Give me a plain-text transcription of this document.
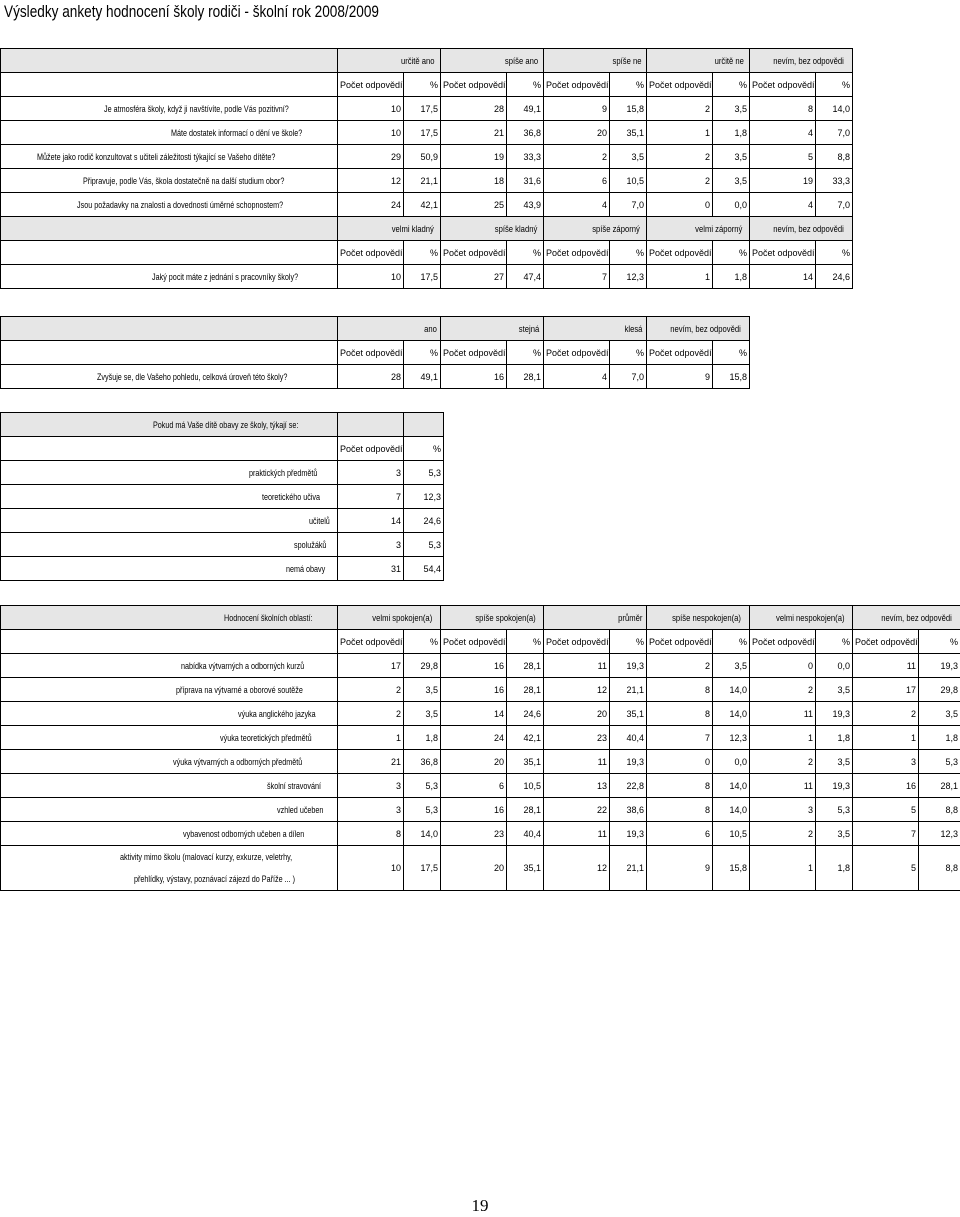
Výsledky ankety hodnocení školy rodiči - školní rok 2008/2009
	určitě ano		spíše ano		spíše ne		určitě ne		nevím, bez odpovědi	
	Počet odpovědí	%	Počet odpovědí	%	Počet odpovědí	%	Počet odpovědí	%	Počet odpovědí	%
Je atmosféra školy, když ji navštívíte, podle Vás pozitivní?	10	17,5	28	49,1	9	15,8	2	3,5	8	14,0
Máte dostatek informací o dění ve škole?	10	17,5	21	36,8	20	35,1	1	1,8	4	7,0
Můžete jako rodič konzultovat s učiteli záležitosti týkající se Vašeho dítěte?	29	50,9	19	33,3	2	3,5	2	3,5	5	8,8
Připravuje, podle Vás, škola dostatečně na další studium obor?	12	21,1	18	31,6	6	10,5	2	3,5	19	33,3
Jsou požadavky na znalosti a dovednosti úměrné schopnostem?	24	42,1	25	43,9	4	7,0	0	0,0	4	7,0
	velmi kladný		spíše kladný		spíše záporný		velmi záporný		nevím, bez odpovědi	
	Počet odpovědí	%	Počet odpovědí	%	Počet odpovědí	%	Počet odpovědí	%	Počet odpovědí	%
Jaký pocit máte z jednání s pracovníky školy?	10	17,5	27	47,4	7	12,3	1	1,8	14	24,6
	ano		stejná		klesá		nevím, bez odpovědi	
	Počet odpovědí	%	Počet odpovědí	%	Počet odpovědí	%	Počet odpovědí	%
Zvyšuje se, dle Vašeho pohledu, celková úroveň této školy?	28	49,1	16	28,1	4	7,0	9	15,8
Pokud má Vaše dítě obavy ze školy, týkají se:		
	Počet odpovědí	%
praktických předmětů	3	5,3
teoretického učiva	7	12,3
učitelů	14	24,6
spolužáků	3	5,3
nemá obavy	31	54,4
Hodnocení školních oblastí:	velmi spokojen(a)		spíše spokojen(a)		průměr		spíše nespokojen(a)		velmi nespokojen(a)		nevím, bez odpovědi	
	Počet odpovědí	%	Počet odpovědí	%	Počet odpovědí	%	Počet odpovědí	%	Počet odpovědí	%	Počet odpovědí	%
nabídka výtvarných a odborných kurzů	17	29,8	16	28,1	11	19,3	2	3,5	0	0,0	11	19,3
příprava na výtvarné a oborové soutěže	2	3,5	16	28,1	12	21,1	8	14,0	2	3,5	17	29,8
výuka anglického jazyka	2	3,5	14	24,6	20	35,1	8	14,0	11	19,3	2	3,5
výuka teoretických předmětů	1	1,8	24	42,1	23	40,4	7	12,3	1	1,8	1	1,8
výuka výtvarných a odborných předmětů	21	36,8	20	35,1	11	19,3	0	0,0	2	3,5	3	5,3
školní stravování	3	5,3	6	10,5	13	22,8	8	14,0	11	19,3	16	28,1
vzhled učeben	3	5,3	16	28,1	22	38,6	8	14,0	3	5,3	5	8,8
vybavenost odborných učeben a dílen	8	14,0	23	40,4	11	19,3	6	10,5	2	3,5	7	12,3
aktivity mimo školu (malovací kurzy, exkurze, veletrhy,
přehlídky, výstavy, poznávací zájezd do Paříže ... )	10	17,5	20	35,1	12	21,1	9	15,8	1	1,8	5	8,8
19
